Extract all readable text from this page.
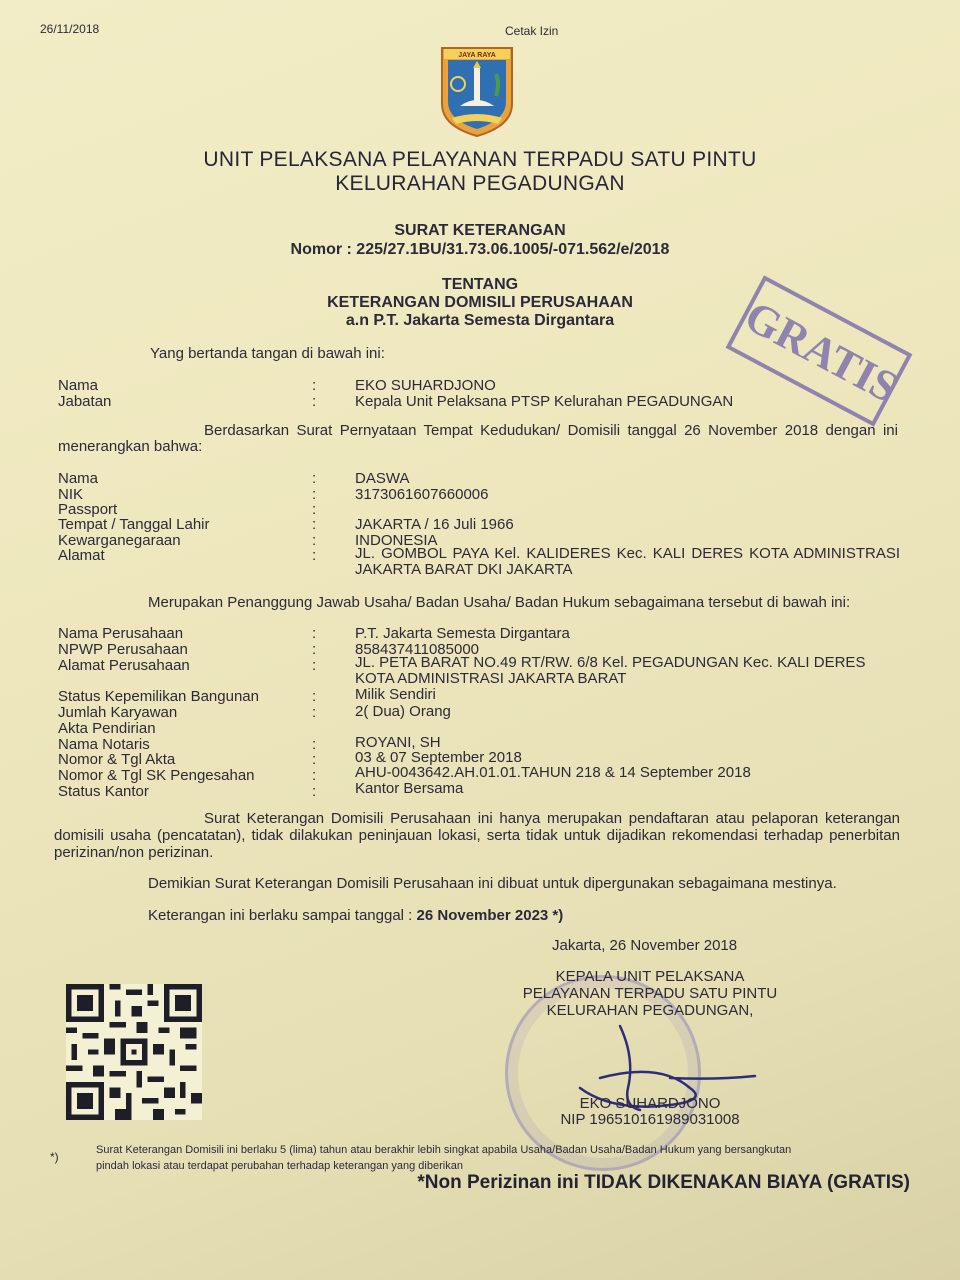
26/11/2018	Cetak Izin
JAYA RAYA
UNIT PELAKSANA PELAYANAN TERPADU SATU PINTU
KELURAHAN PEGADUNGAN
SURAT KETERANGAN
Nomor : 225/27.1BU/31.73.06.1005/-071.562/e/2018
TENTANG
KETERANGAN DOMISILI PERUSAHAAN
a.n P.T. Jakarta Semesta Dirgantara	GRATIS
Yang bertanda tangan di bawah ini:
Nama	:	EKO SUHARDJONO
Jabatan	:	Kepala Unit Pelaksana PTSP Kelurahan PEGADUNGAN
Berdasarkan Surat Pernyataan Tempat Kedudukan/ Domisili tanggal 26 November 2018 dengan ini menerangkan bahwa:
Nama	:	DASWA
NIK	:	3173061607660006
Passport	:
Tempat / Tanggal Lahir	:	JAKARTA / 16 Juli 1966
Kewarganegaraan	:	INDONESIA
Alamat	:	JL. GOMBOL PAYA Kel. KALIDERES Kec. KALI DERES KOTA ADMINISTRASI JAKARTA BARAT DKI JAKARTA
Merupakan Penanggung Jawab Usaha/ Badan Usaha/ Badan Hukum sebagaimana tersebut di bawah ini:
Nama Perusahaan	:	P.T. Jakarta Semesta Dirgantara
NPWP Perusahaan	:	858437411085000
Alamat Perusahaan	:	JL. PETA BARAT NO.49 RT/RW. 6/8 Kel. PEGADUNGAN Kec. KALI DERES KOTA ADMINISTRASI JAKARTA BARAT
Status Kepemilikan Bangunan	:	Milik Sendiri
Jumlah Karyawan	:	2( Dua) Orang
Akta Pendirian
Nama Notaris	:	ROYANI, SH
Nomor & Tgl Akta	:	03 & 07 September 2018
Nomor & Tgl SK Pengesahan	:	AHU-0043642.AH.01.01.TAHUN 218 & 14 September 2018
Status Kantor	:	Kantor Bersama
Surat Keterangan Domisili Perusahaan ini hanya merupakan pendaftaran atau pelaporan keterangan domisili usaha (pencatatan), tidak dilakukan peninjauan lokasi, serta tidak untuk dijadikan rekomendasi terhadap penerbitan perizinan/non perizinan.
Demikian Surat Keterangan Domisili Perusahaan ini dibuat untuk dipergunakan sebagaimana mestinya.
Keterangan ini berlaku sampai tanggal : 26 November 2023 *)
Jakarta, 26 November 2018
KEPALA UNIT PELAKSANA
PELAYANAN TERPADU SATU PINTU
KELURAHAN PEGADUNGAN,
EKO SUHARDJONO
NIP 196510161989031008
*)	Surat Keterangan Domisili ini berlaku 5 (lima) tahun atau berakhir lebih singkat apabila Usaha/Badan Usaha/Badan Hukum yang bersangkutan
pindah lokasi atau terdapat perubahan terhadap keterangan yang diberikan
*Non Perizinan ini TIDAK DIKENAKAN BIAYA (GRATIS)
